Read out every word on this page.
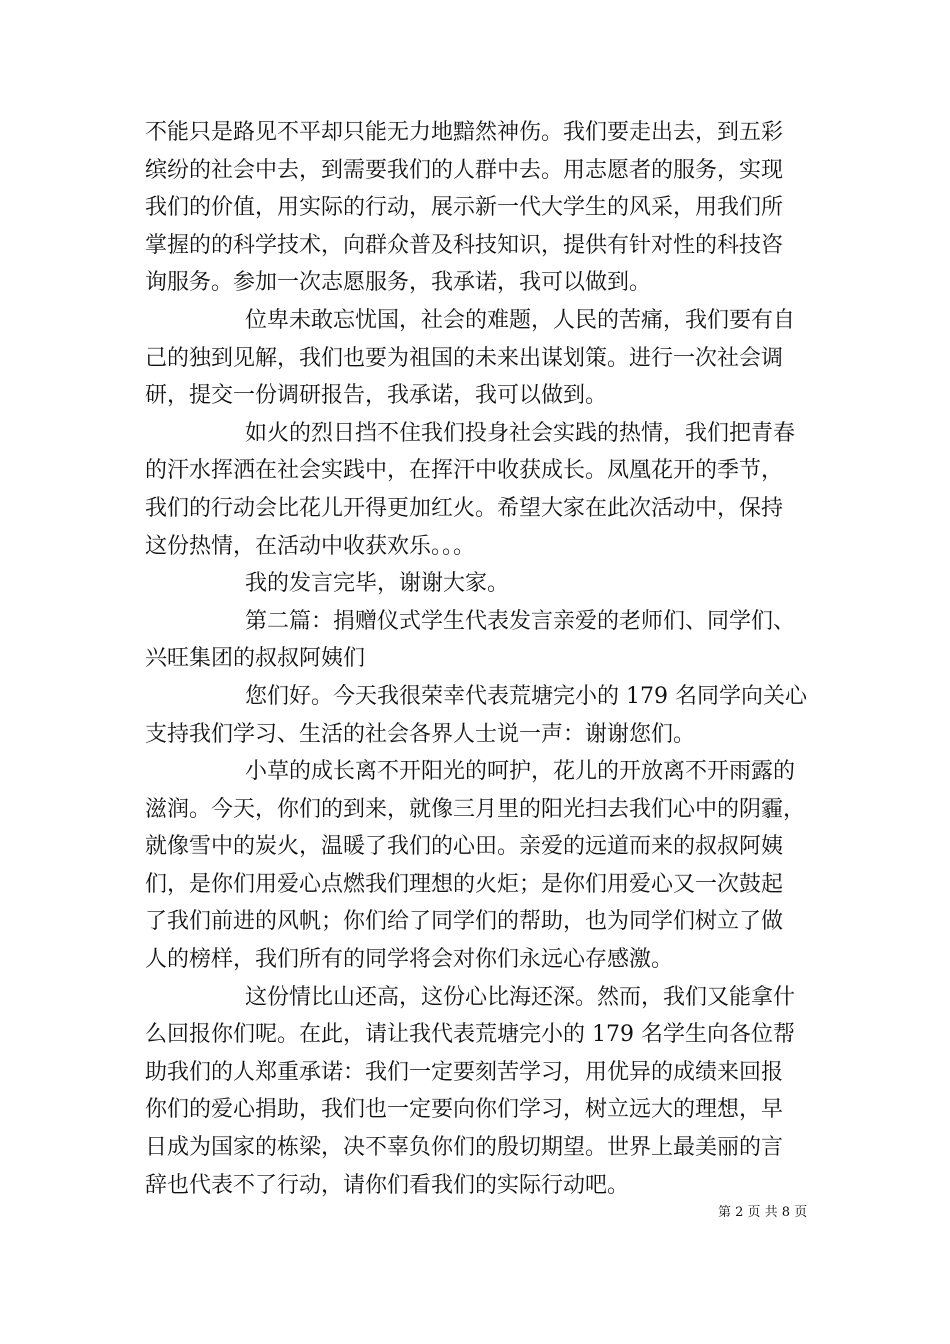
不能只是路见不平却只能无力地黯然神伤。我们要走出去，到五彩
缤纷的社会中去，到需要我们的人群中去。用志愿者的服务，实现
我们的价值，用实际的行动，展示新一代大学生的风采，用我们所
掌握的的科学技术，向群众普及科技知识，提供有针对性的科技咨
询服务。参加一次志愿服务，我承诺，我可以做到。
位卑未敢忘忧国，社会的难题，人民的苦痛，我们要有自
己的独到见解，我们也要为祖国的未来出谋划策。进行一次社会调
研，提交一份调研报告，我承诺，我可以做到。
如火的烈日挡不住我们投身社会实践的热情，我们把青春
的汗水挥洒在社会实践中，在挥汗中收获成长。凤凰花开的季节，
我们的行动会比花儿开得更加红火。希望大家在此次活动中，保持
这份热情，在活动中收获欢乐。。。
我的发言完毕，谢谢大家。
第二篇：捐赠仪式学生代表发言亲爱的老师们、同学们、
兴旺集团的叔叔阿姨们
您们好。今天我很荣幸代表荒塘完小的 179 名同学向关心
支持我们学习、生活的社会各界人士说一声：谢谢您们。
小草的成长离不开阳光的呵护，花儿的开放离不开雨露的
滋润。今天，你们的到来，就像三月里的阳光扫去我们心中的阴霾，
就像雪中的炭火，温暖了我们的心田。亲爱的远道而来的叔叔阿姨
们，是你们用爱心点燃我们理想的火炬；是你们用爱心又一次鼓起
了我们前进的风帆；你们给了同学们的帮助，也为同学们树立了做
人的榜样，我们所有的同学将会对你们永远心存感激。
这份情比山还高，这份心比海还深。然而，我们又能拿什
么回报你们呢。在此，请让我代表荒塘完小的 179 名学生向各位帮
助我们的人郑重承诺：我们一定要刻苦学习，用优异的成绩来回报
你们的爱心捐助，我们也一定要向你们学习，树立远大的理想，早
日成为国家的栋梁，决不辜负你们的殷切期望。世界上最美丽的言
辞也代表不了行动，请你们看我们的实际行动吧。
第 2 页 共 8 页
